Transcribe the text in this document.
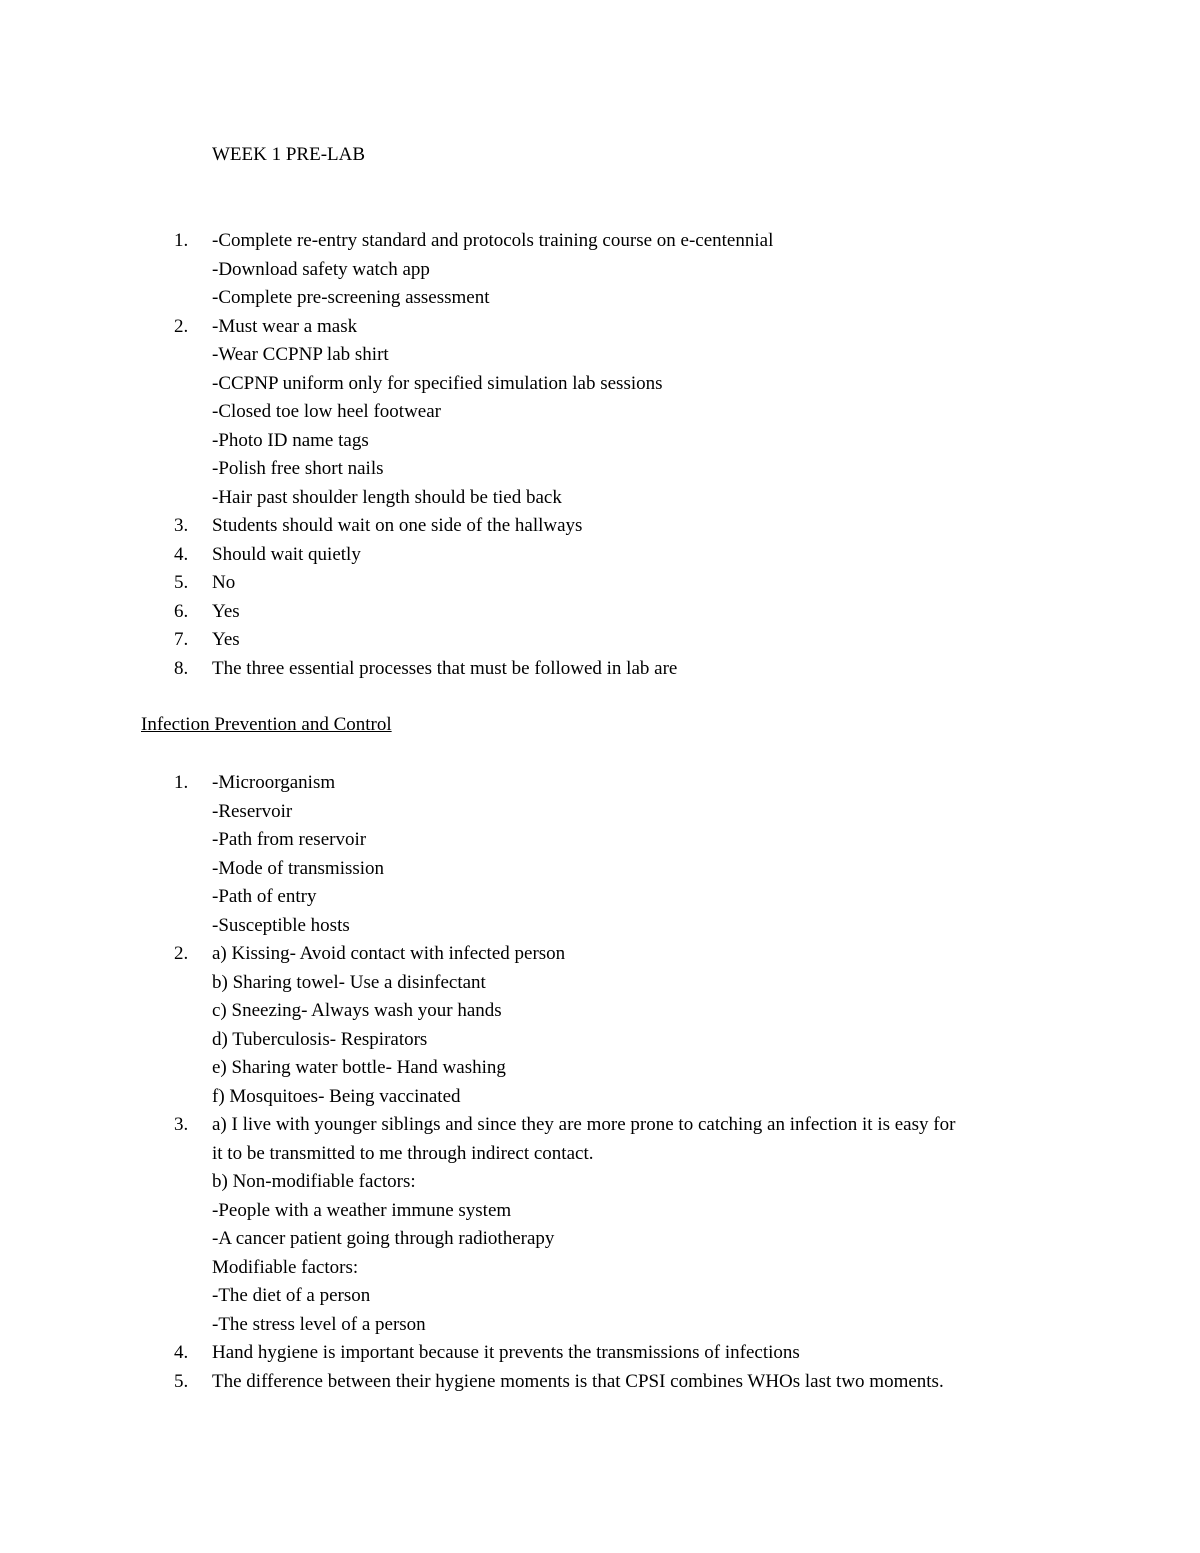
WEEK 1 PRE-LAB
1.	-Complete re-entry standard and protocols training course on e-centennial
-Download safety watch app
-Complete pre-screening assessment
2.	-Must wear a mask
-Wear CCPNP lab shirt
-CCPNP uniform only for specified simulation lab sessions
-Closed toe low heel footwear
-Photo ID name tags
-Polish free short nails
-Hair past shoulder length should be tied back
3.	Students should wait on one side of the hallways
4.	Should wait quietly
5.	No
6.	Yes
7.	Yes
8.	The three essential processes that must be followed in lab are
Infection Prevention and Control
1.	-Microorganism
-Reservoir
-Path from reservoir
-Mode of transmission
-Path of entry
-Susceptible hosts
2.	a) Kissing- Avoid contact with infected person
b) Sharing towel- Use a disinfectant
c) Sneezing- Always wash your hands
d) Tuberculosis- Respirators
e) Sharing water bottle- Hand washing
f) Mosquitoes- Being vaccinated
3.	a) I live with younger siblings and since they are more prone to catching an infection it is easy for
it to be transmitted to me through indirect contact.
b) Non-modifiable factors:
-People with a weather immune system
-A cancer patient going through radiotherapy
Modifiable factors:
-The diet of a person
-The stress level of a person
4.	Hand hygiene is important because it prevents the transmissions of infections
5.	The difference between their hygiene moments is that CPSI combines WHOs last two moments.
